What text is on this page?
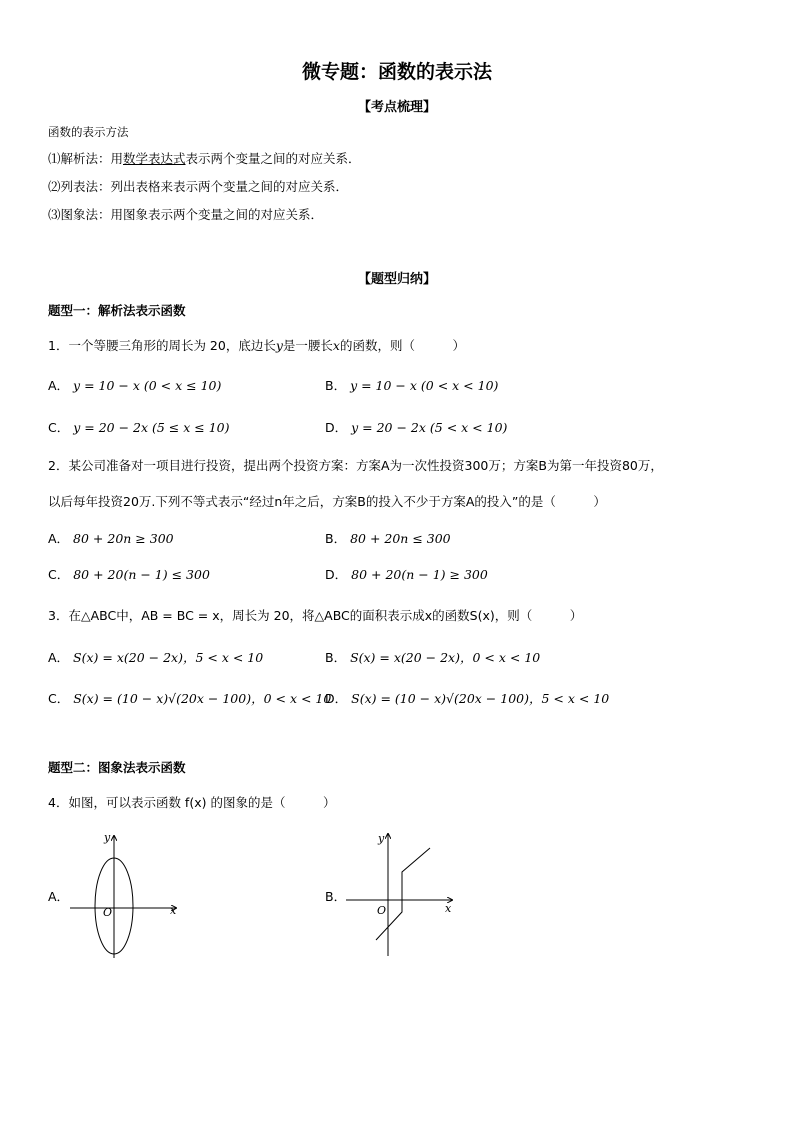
微专题：函数的表示法
【考点梳理】
函数的表示方法
⑴解析法：用数学表达式表示两个变量之间的对应关系．
⑵列表法：列出表格来表示两个变量之间的对应关系．
⑶图象法：用图象表示两个变量之间的对应关系．
【题型归纳】
题型一：解析法表示函数
1．一个等腰三角形的周长为 20，底边长y是一腰长x的函数，则（　　　）
A． y = 10 − x (0 < x ≤ 10)	B． y = 10 − x (0 < x < 10)
C． y = 20 − 2x (5 ≤ x ≤ 10)	D． y = 20 − 2x (5 < x < 10)
2．某公司准备对一项目进行投资，提出两个投资方案：方案A为一次性投资300万；方案B为第一年投资80万，
以后每年投资20万.下列不等式表示“经过n年之后，方案B的投入不少于方案A的投入”的是（　　　）
A． 80 + 20n ≥ 300	B． 80 + 20n ≤ 300
C． 80 + 20(n − 1) ≤ 300	D． 80 + 20(n − 1) ≥ 300
3．在△ABC中，AB = BC = x，周长为 20，将△ABC的面积表示成x的函数S(x)，则（　　　）
A． S(x) = x(20 − 2x)，5 < x < 10	B． S(x) = x(20 − 2x)，0 < x < 10
C． S(x) = (10 − x)√(20x − 100)，0 < x < 10
D． S(x) = (10 − x)√(20x − 100)，5 < x < 10
题型二：图象法表示函数
4．如图，可以表示函数 f(x) 的图象的是（　　　）
A．	B．
x
y
O	x
y
O
